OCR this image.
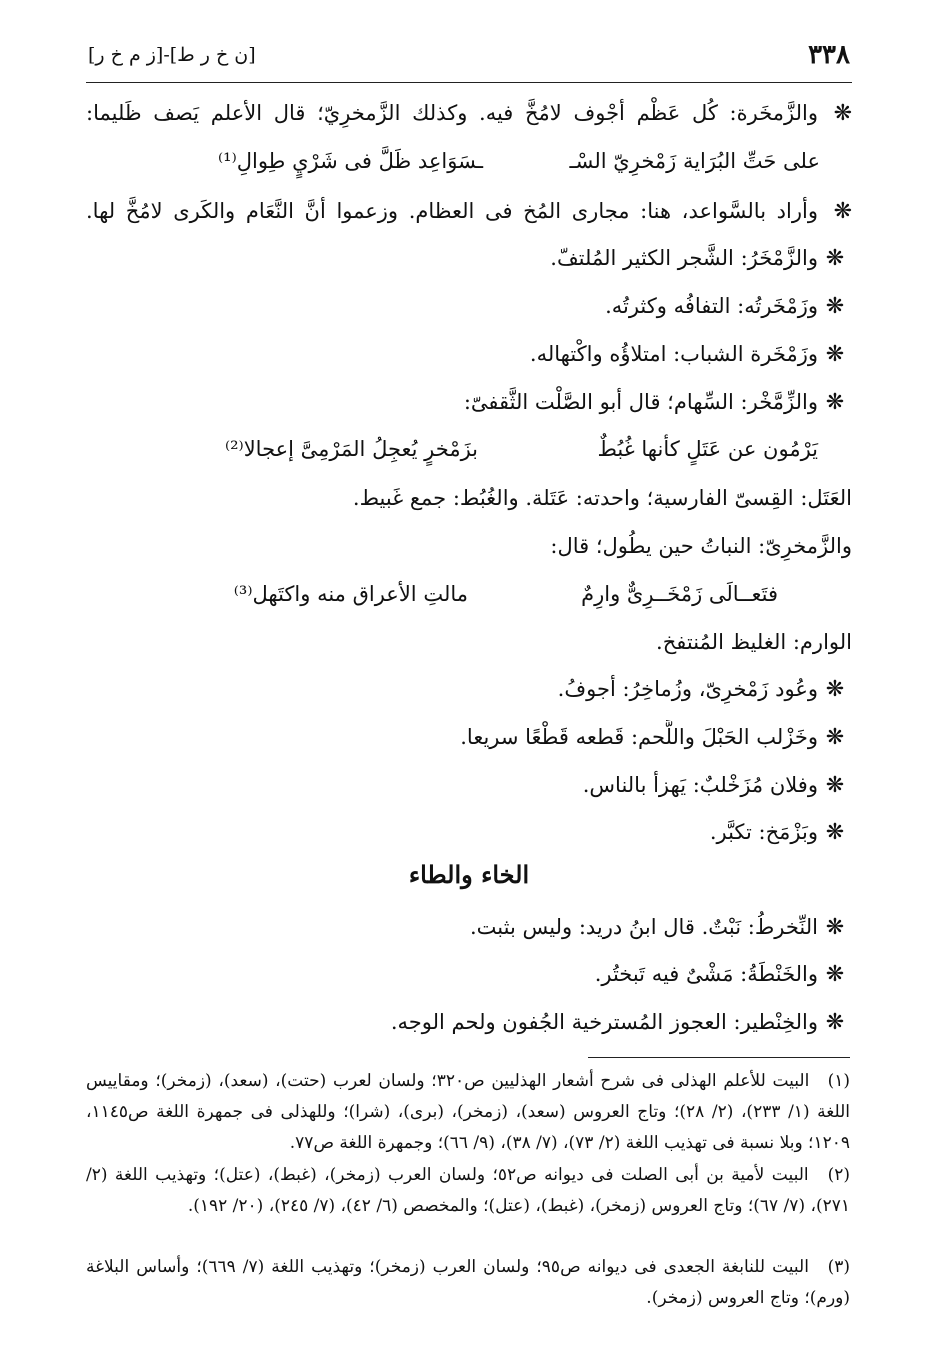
٣٣٨
[ز م خ ر]-[ن خ ر ط]
❋والزَّمخَرة: كُل عَظْم أجْوف لامُخَّ فيه. وكذلك الزَّمخرِيّ؛ قال الأعلم يَصف ظَليما:
على حَتِّ البُرَاية زَمْخرِيّ السْـ
ـسَوَاعِد ظَلَّ فى شَرْيٍ طِوالِ⁽¹⁾
❋وأراد بالسَّواعد، هنا: مجارى المُخ فى العظام. وزعموا أنَّ النَّعَام والكَرى لامُخَّ لها.
❋والزَّمْخَرُ: الشَّجر الكثير المُلتفّ.
❋وزَمْخَرتُه: التفافُه وكثرتُه.
❋وزَمْخَرة الشباب: امتلاؤُه واكْتهاله.
❋والزِّمَّخْر: السِّهام؛ قال أبو الصَّلْت الثَّقفىّ:
يَرْمُون عن عَتَلٍ كأنها غُبُطٌ
بزَمْخرٍ يُعجِلُ المَرْمِىَّ إعجالا⁽²⁾
العَتَل: القِسىّ الفارسية؛ واحدته: عَتَلة. والغُبُط: جمع غَبيط.
والزَّمخرِىّ: النباتُ حين يطُول؛ قال:
فتَعــالَى زَمْخَــرِىٌّ وارِمٌ
مالتِ الأعراق منه واكتَهل⁽³⁾
الوارم: الغليظ المُنتفخ.
❋وعُود زَمْخرِىّ، وزُماخِرُ: أجوفُ.
❋وخَزْلب الحَبْلَ واللَّحم: قَطعه قَطْعًا سريعا.
❋وفلان مُزَخْلبٌ: يَهزأ بالناس.
❋وبَزْمَخ: تكبَّر.
الخاء والطاء
❋النِّخرطُ: نَبْتٌ. قال ابنُ دريد: وليس بثبت.
❋والخَنْطَةُ: مَشْىٌ فيه تَبختُر.
❋والخِنْطير: العجوز المُسترخية الجُفون ولحم الوجه.
(١) البيت للأعلم الهذلى فى شرح أشعار الهذليين ص٣٢٠؛ ولسان لعرب (حتت)، (سعد)، (زمخر)؛ ومقاييس اللغة (١/ ٢٣٣)، (٢/ ٢٨)؛ وتاج العروس (سعد)، (زمخر)، (برى)، (شرا)؛ وللهذلى فى جمهرة اللغة ص١١٤٥، ١٢٠٩؛ وبلا نسبة فى تهذيب اللغة (٢/ ٧٣)، (٧/ ٣٨)، (٩/ ٦٦)؛ وجمهرة اللغة ص٧٧.
(٢) البيت لأمية بن أبى الصلت فى ديوانه ص٥٢؛ ولسان العرب (زمخر)، (غبط)، (عتل)؛ وتهذيب اللغة (٢/ ٢٧١)، (٧/ ٦٧)؛ وتاج العروس (زمخر)، (غبط)، (عتل)؛ والمخصص (٦/ ٤٢)، (٧/ ٢٤٥)، (٢٠/ ١٩٢).
(٣) البيت للنابغة الجعدى فى ديوانه ص٩٥؛ ولسان العرب (زمخر)؛ وتهذيب اللغة (٧/ ٦٦٩)؛ وأساس البلاغة (ورم)؛ وتاج العروس (زمخر).
